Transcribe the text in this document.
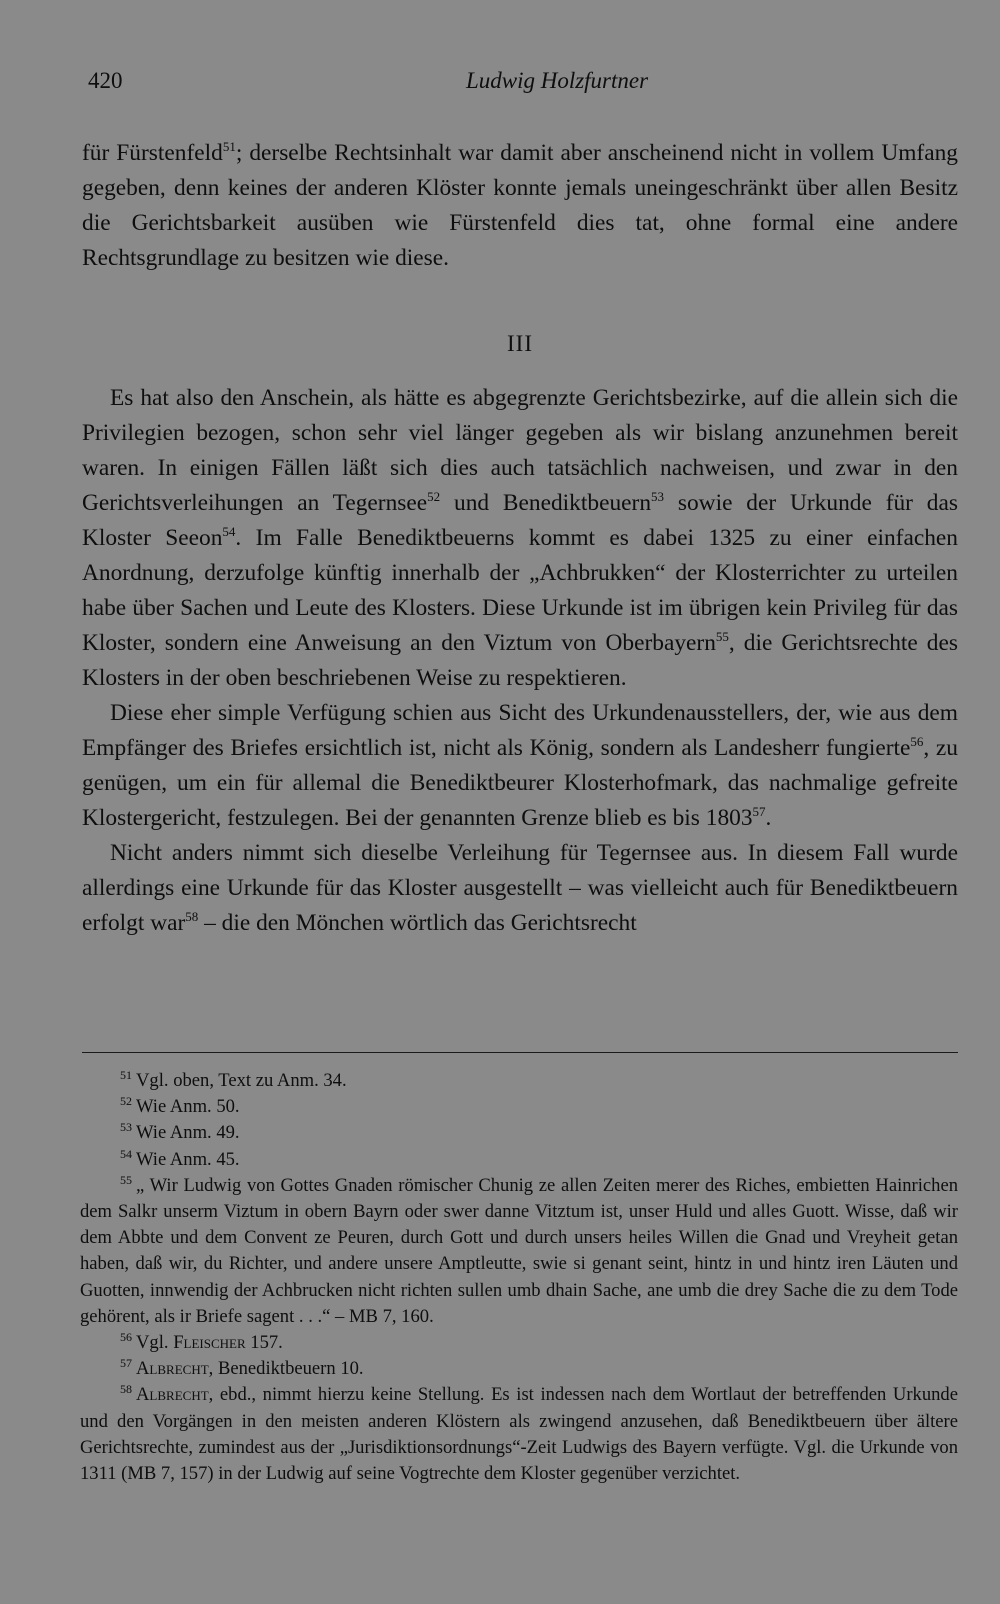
420	Ludwig Holzfurtner

für Fürstenfeld$^{51}$; derselbe Rechtsinhalt war damit aber anscheinend nicht in vollem Umfang gegeben, denn keines der anderen Klöster konnte jemals uneingeschränkt über allen Besitz die Gerichtsbarkeit ausüben wie Fürstenfeld dies tat, ohne formal eine andere Rechtsgrundlage zu besitzen wie diese.

III

Es hat also den Anschein, als hätte es abgegrenzte Gerichtsbezirke, auf die allein sich die Privilegien bezogen, schon sehr viel länger gegeben als wir bislang anzunehmen bereit waren. In einigen Fällen läßt sich dies auch tatsächlich nachweisen, und zwar in den Gerichtsverleihungen an Tegernsee$^{52}$ und Benediktbeuern$^{53}$ sowie der Urkunde für das Kloster Seeon$^{54}$. Im Falle Benediktbeuerns kommt es dabei 1325 zu einer einfachen Anordnung, derzufolge künftig innerhalb der „Achbrukken“ der Klosterrichter zu urteilen habe über Sachen und Leute des Klosters. Diese Urkunde ist im übrigen kein Privileg für das Kloster, sondern eine Anweisung an den Viztum von Oberbayern$^{55}$, die Gerichtsrechte des Klosters in der oben beschriebenen Weise zu respektieren.

Diese eher simple Verfügung schien aus Sicht des Urkundenausstellers, der, wie aus dem Empfänger des Briefes ersichtlich ist, nicht als König, sondern als Landesherr fungierte$^{56}$, zu genügen, um ein für allemal die Benediktbeurer Klosterhofmark, das nachmalige gefreite Klostergericht, festzulegen. Bei der genannten Grenze blieb es bis 1803$^{57}$.

Nicht anders nimmt sich dieselbe Verleihung für Tegernsee aus. In diesem Fall wurde allerdings eine Urkunde für das Kloster ausgestellt – was vielleicht auch für Benediktbeuern erfolgt war$^{58}$ – die den Mönchen wörtlich das Gerichtsrecht

$^{51}$ Vgl. oben, Text zu Anm. 34.

$^{52}$ Wie Anm. 50.

$^{53}$ Wie Anm. 49.

$^{54}$ Wie Anm. 45.

$^{55}$ „ Wir Ludwig von Gottes Gnaden römischer Chunig ze allen Zeiten merer des Riches, embietten Hainrichen dem Salkr unserm Viztum in obern Bayrn oder swer danne Vitztum ist, unser Huld und alles Guott. Wisse, daß wir dem Abbte und dem Convent ze Peuren, durch Gott und durch unsers heiles Willen die Gnad und Vreyheit getan haben, daß wir, du Richter, und andere unsere Amptleutte, swie si genant seint, hintz in und hintz iren Läuten und Guotten, innwendig der Achbrucken nicht richten sullen umb dhain Sache, ane umb die drey Sache die zu dem Tode gehörent, als ir Briefe sagent . . .“ – MB 7, 160.

$^{56}$ Vgl. Fleischer 157.

$^{57}$ Albrecht, Benediktbeuern 10.

$^{58}$ Albrecht, ebd., nimmt hierzu keine Stellung. Es ist indessen nach dem Wortlaut der betreffenden Urkunde und den Vorgängen in den meisten anderen Klöstern als zwingend anzusehen, daß Benediktbeuern über ältere Gerichtsrechte, zumindest aus der „Jurisdiktionsordnungs“-Zeit Ludwigs des Bayern verfügte. Vgl. die Urkunde von 1311 (MB 7, 157) in der Ludwig auf seine Vogtrechte dem Kloster gegenüber verzichtet.
